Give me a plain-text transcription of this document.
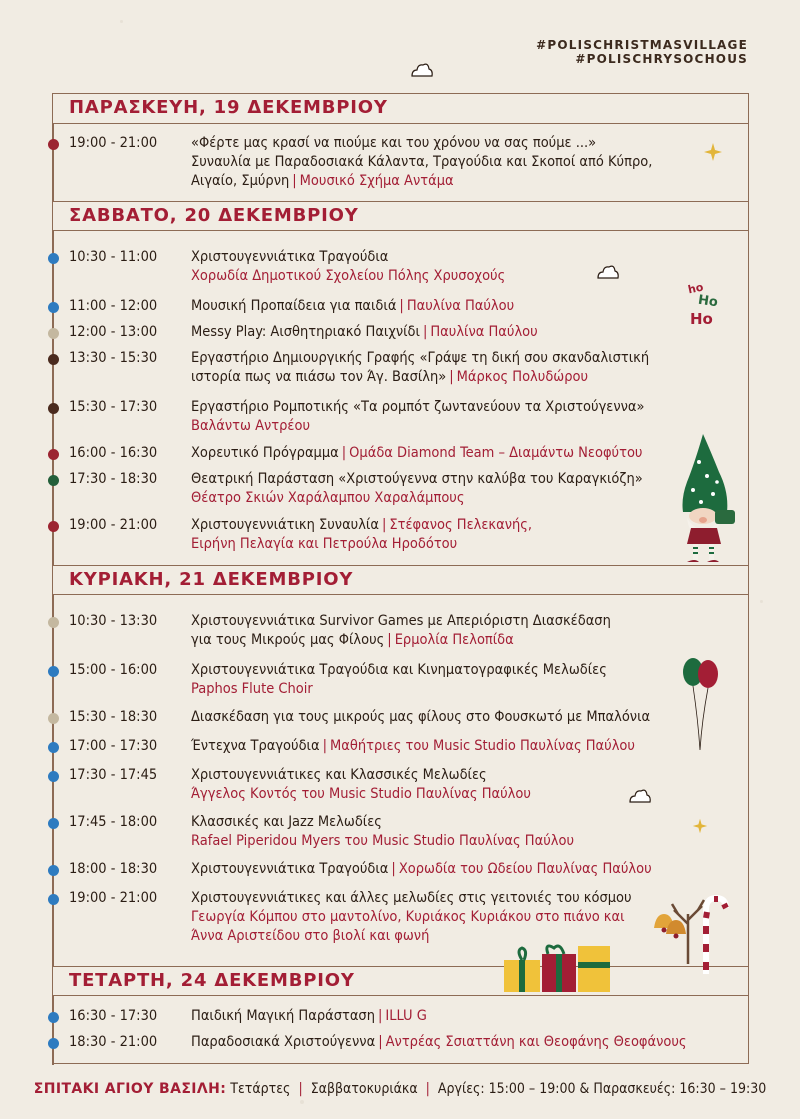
#POLISCHRISTMASVILLAGE
#POLISCHRYSOCHOUS
ho
Ho
Ho
ΠΑΡΑΣΚΕΥΗ, 19 ΔΕΚΕΜΒΡΙΟΥ
19:00 - 21:00 «Φέρτε μας κρασί να πιούμε και του χρόνου να σας πούμε ...»
Συναυλία με Παραδοσιακά Κάλαντα, Τραγούδια και Σκοποί από Κύπρο,
Αιγαίο, Σμύρνη | Μουσικό Σχήμα Αντάμα
ΣΑΒΒΑΤΟ, 20 ΔΕΚΕΜΒΡΙΟΥ
10:30 - 11:00 Χριστουγεννιάτικα Τραγούδια
Χορωδία Δημοτικού Σχολείου Πόλης Χρυσοχούς
11:00 - 12:00 Μουσική Προπαίδεια για παιδιά | Παυλίνα Παύλου
12:00 - 13:00 Messy Play: Αισθητηριακό Παιχνίδι | Παυλίνα Παύλου
13:30 - 15:30 Εργαστήριο Δημιουργικής Γραφής «Γράψε τη δική σου σκανδαλιστική
ιστορία πως να πιάσω τον Άγ. Βασίλη» | Μάρκος Πολυδώρου
15:30 - 17:30 Εργαστήριο Ρομποτικής «Τα ρομπότ ζωντανεύουν τα Χριστούγεννα»
Βαλάντω Αντρέου
16:00 - 16:30 Χορευτικό Πρόγραμμα | Ομάδα Diamond Team – Διαμάντω Νεοφύτου
17:30 - 18:30 Θεατρική Παράσταση «Χριστούγεννα στην καλύβα του Καραγκιόζη»
Θέατρο Σκιών Χαράλαμπου Χαραλάμπους
19:00 - 21:00 Χριστουγεννιάτικη Συναυλία | Στέφανος Πελεκανής,
Ειρήνη Πελαγία και Πετρούλα Ηροδότου
ΚΥΡΙΑΚΗ, 21 ΔΕΚΕΜΒΡΙΟΥ
10:30 - 13:30 Χριστουγεννιάτικα Survivor Games με Απεριόριστη Διασκέδαση
για τους Μικρούς μας Φίλους | Ερμολία Πελοπίδα
15:00 - 16:00 Χριστουγεννιάτικα Τραγούδια και Κινηματογραφικές Μελωδίες
Paphos Flute Choir
15:30 - 18:30 Διασκέδαση για τους μικρούς μας φίλους στο Φουσκωτό με Μπαλόνια
17:00 - 17:30 Έντεχνα Τραγούδια | Μαθήτριες του Music Studio Παυλίνας Παύλου
17:30 - 17:45 Χριστουγεννιάτικες και Κλασσικές Μελωδίες
Άγγελος Κοντός του Music Studio Παυλίνας Παύλου
17:45 - 18:00 Κλασσικές και Jazz Μελωδίες
Rafael Piperidou Myers του Music Studio Παυλίνας Παύλου
18:00 - 18:30 Χριστουγεννιάτικα Τραγούδια | Χορωδία του Ωδείου Παυλίνας Παύλου
19:00 - 21:00 Χριστουγεννιάτικες και άλλες μελωδίες στις γειτονιές του κόσμου
Γεωργία Κόμπου στο μαντολίνο, Κυριάκος Κυριάκου στο πιάνο και
Άννα Αριστείδου στο βιολί και φωνή
ΤΕΤΑΡΤΗ, 24 ΔΕΚΕΜΒΡΙΟΥ
16:30 - 17:30 Παιδική Μαγική Παράσταση | ILLU G
18:30 - 21:00 Παραδοσιακά Χριστούγεννα | Αντρέας Σσιαττάνη και Θεοφάνης Θεοφάνους
ΣΠΙΤΑΚΙ ΑΓΙΟΥ ΒΑΣΙΛΗ: Τετάρτες | Σαββατοκυριάκα | Αργίες: 15:00 – 19:00 & Παρασκευές: 16:30 – 19:30
